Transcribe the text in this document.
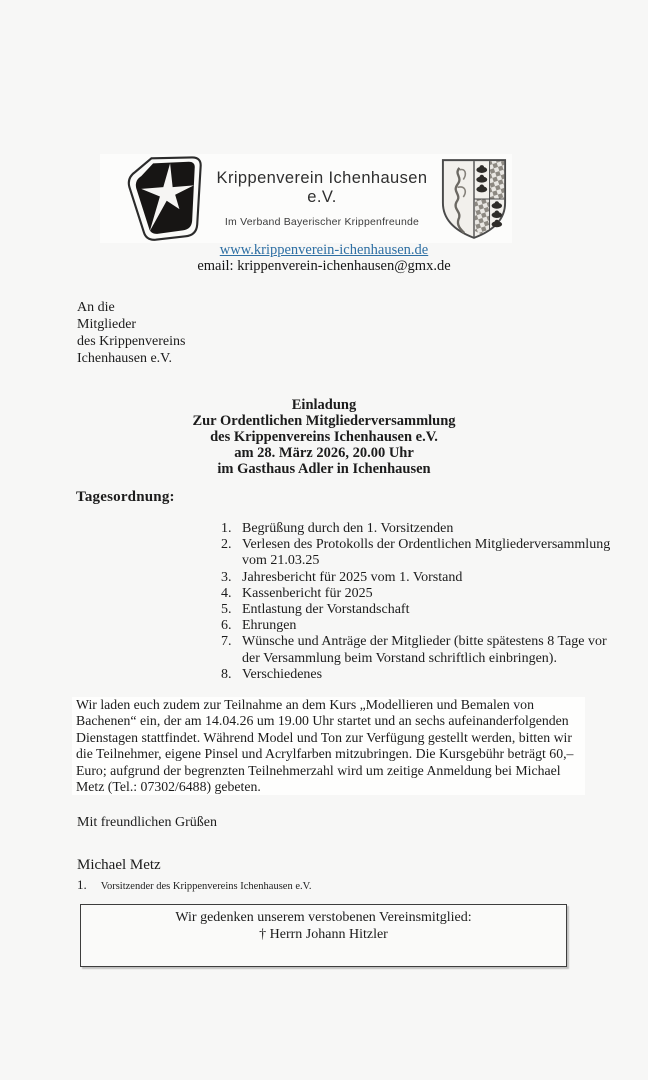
Krippenverein Ichenhausen e.V.
Im Verband Bayerischer Krippenfreunde
www.krippenverein-ichenhausen.de
email: krippenverein-ichenhausen@gmx.de
An die
Mitglieder
des Krippenvereins
Ichenhausen e.V.
Einladung
Zur Ordentlichen Mitgliederversammlung
des Krippenvereins Ichenhausen e.V.
am 28. März 2026, 20.00 Uhr
im Gasthaus Adler in Ichenhausen
Tagesordnung:
1. Begrüßung durch den 1. Vorsitzenden
2. Verlesen des Protokolls der Ordentlichen Mitgliederversammlung vom 21.03.25
3. Jahresbericht für 2025 vom 1. Vorstand
4. Kassenbericht für 2025
5. Entlastung der Vorstandschaft
6. Ehrungen
7. Wünsche und Anträge der Mitglieder (bitte spätestens 8 Tage vor der Versammlung beim Vorstand schriftlich einbringen).
8. Verschiedenes
Wir laden euch zudem zur Teilnahme an dem Kurs „Modellieren und Bemalen von Bachenen“ ein, der am 14.04.26 um 19.00 Uhr startet und an sechs aufeinanderfolgenden Dienstagen stattfindet. Während Model und Ton zur Verfügung gestellt werden, bitten wir die Teilnehmer, eigene Pinsel und Acrylfarben mitzubringen. Die Kursgebühr beträgt 60,– Euro; aufgrund der begrenzten Teilnehmerzahl wird um zeitige Anmeldung bei Michael Metz (Tel.: 07302/6488) gebeten.
Mit freundlichen Grüßen
Michael Metz
1. Vorsitzender des Krippenvereins Ichenhausen e.V.
Wir gedenken unserem verstobenen Vereinsmitglied:
† Herrn Johann Hitzler
